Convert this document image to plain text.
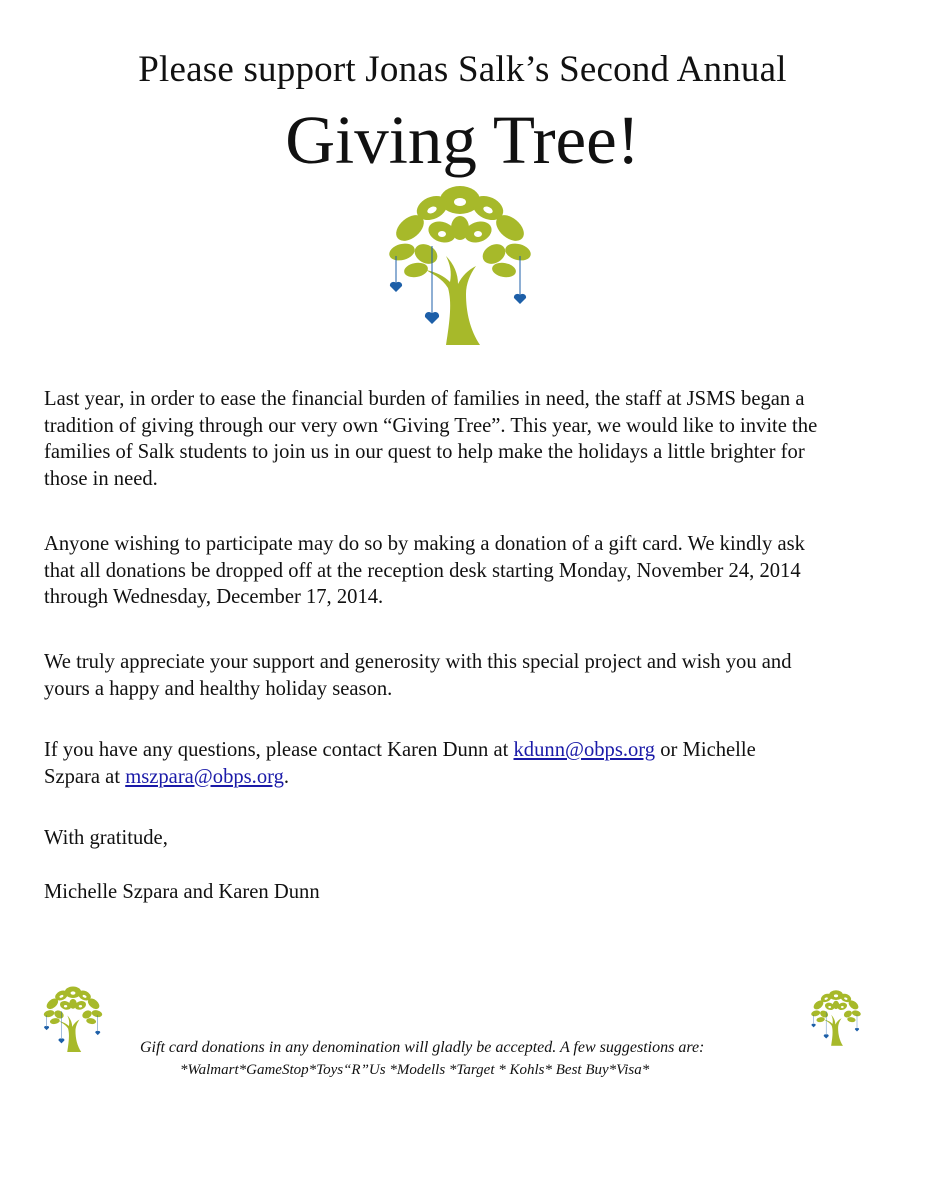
Please support Jonas Salk’s Second Annual
Giving Tree!
Last year, in order to ease the financial burden of families in need, the staff at JSMS began a
tradition of giving through our very own “Giving Tree”. This year, we would like to invite the
families of Salk students to join us in our quest to help make the holidays a little brighter for
those in need.
Anyone wishing to participate may do so by making a donation of a gift card. We kindly ask
that all donations be dropped off at the reception desk starting Monday, November 24, 2014
through Wednesday, December 17, 2014.
We truly appreciate your support and generosity with this special project and wish you and
yours a happy and healthy holiday season.
If you have any questions, please contact Karen Dunn at kdunn@obps.org or Michelle
Szpara at mszpara@obps.org.
With gratitude,
Michelle Szpara and Karen Dunn
Gift card donations in any denomination will gladly be accepted. A few suggestions are:
*Walmart*GameStop*Toys“R”Us *Modells *Target * Kohls* Best Buy*Visa*
